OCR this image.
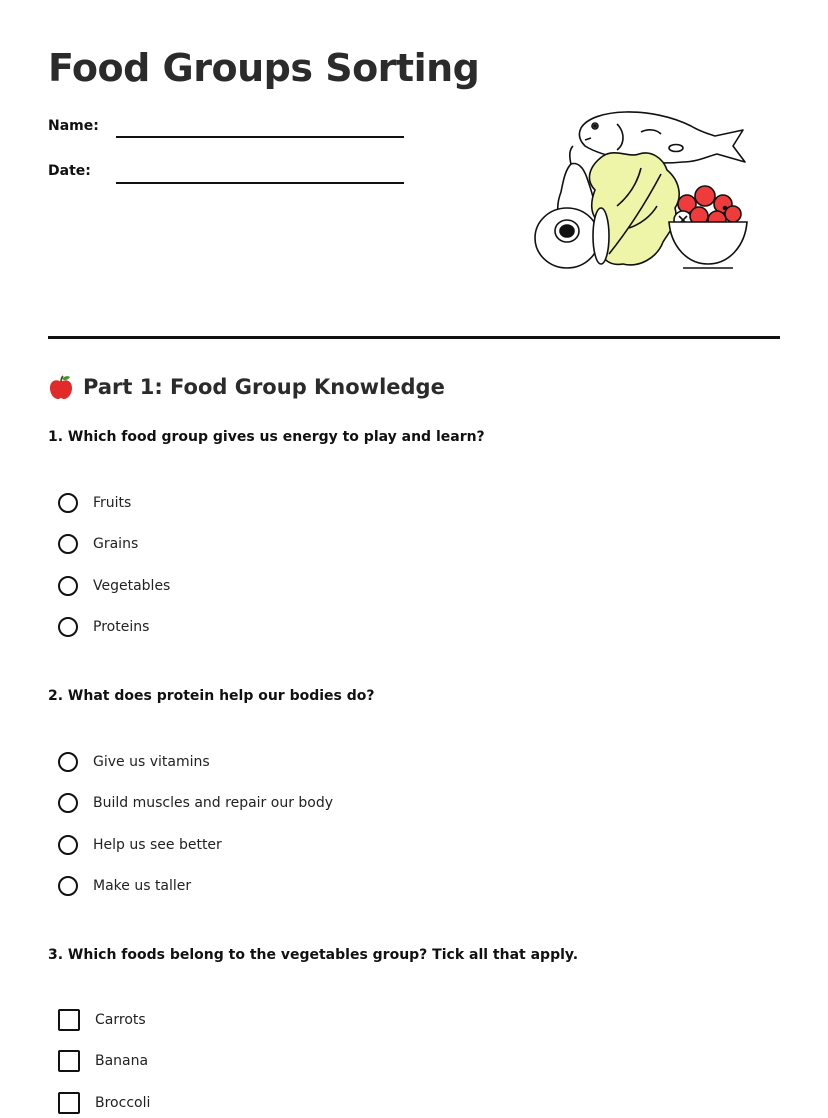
Food Groups Sorting
Name:
Date:
Part 1: Food Group Knowledge
1. Which food group gives us energy to play and learn?
Fruits
Grains
Vegetables
Proteins
2. What does protein help our bodies do?
Give us vitamins
Build muscles and repair our body
Help us see better
Make us taller
3. Which foods belong to the vegetables group? Tick all that apply.
Carrots
Banana
Broccoli
